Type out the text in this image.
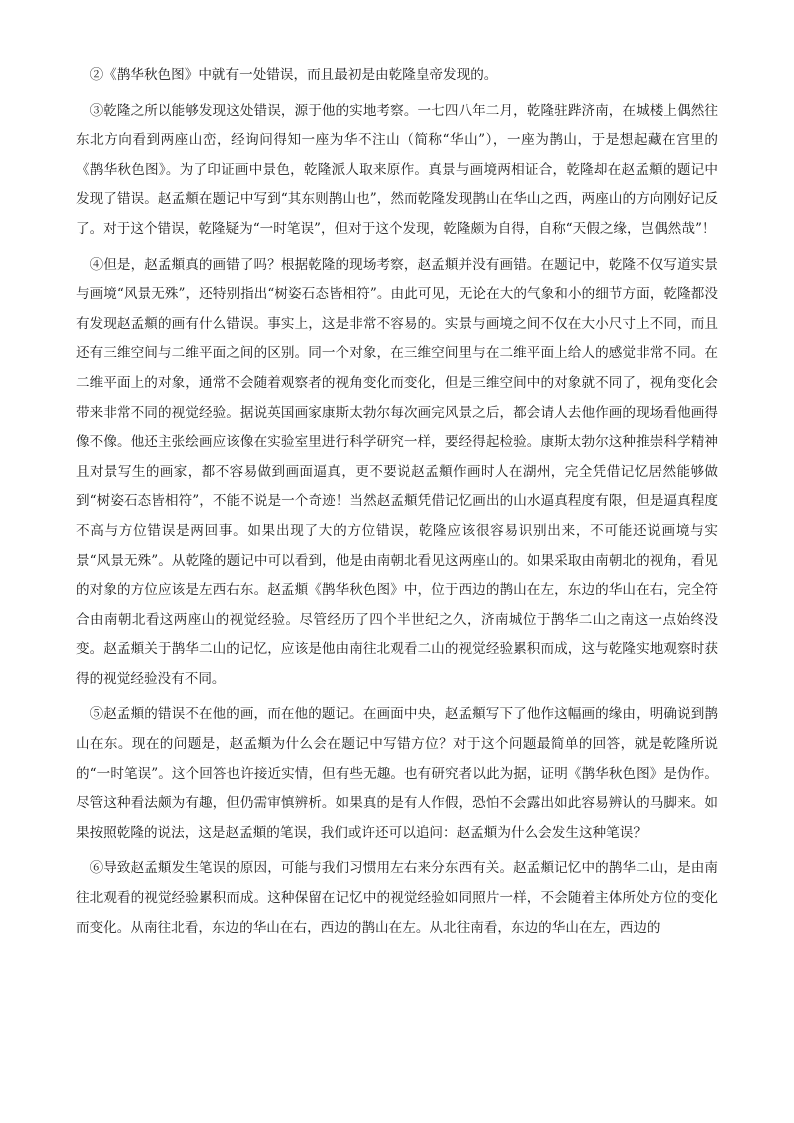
②《鹊华秋色图》中就有一处错误，而且最初是由乾隆皇帝发现的。

③乾隆之所以能够发现这处错误，源于他的实地考察。一七四八年二月，乾隆驻跸济南，在城楼上偶然往东北方向看到两座山峦，经询问得知一座为华不注山（简称“华山”），一座为鹊山，于是想起藏在宫里的《鹊华秋色图》。为了印证画中景色，乾隆派人取来原作。真景与画境两相证合，乾隆却在赵孟頫的题记中发现了错误。赵孟頫在题记中写到“其东则鹊山也”，然而乾隆发现鹊山在华山之西，两座山的方向刚好记反了。对于这个错误，乾隆疑为“一时笔误”，但对于这个发现，乾隆颇为自得，自称“天假之缘，岂偶然哉”！

④但是，赵孟頫真的画错了吗？根据乾隆的现场考察，赵孟頫并没有画错。在题记中，乾隆不仅写道实景与画境“风景无殊”，还特别指出“树姿石态皆相符”。由此可见，无论在大的气象和小的细节方面，乾隆都没有发现赵孟頫的画有什么错误。事实上，这是非常不容易的。实景与画境之间不仅在大小尺寸上不同，而且还有三维空间与二维平面之间的区别。同一个对象，在三维空间里与在二维平面上给人的感觉非常不同。在二维平面上的对象，通常不会随着观察者的视角变化而变化，但是三维空间中的对象就不同了，视角变化会带来非常不同的视觉经验。据说英国画家康斯太勃尔每次画完风景之后，都会请人去他作画的现场看他画得像不像。他还主张绘画应该像在实验室里进行科学研究一样，要经得起检验。康斯太勃尔这种推崇科学精神且对景写生的画家，都不容易做到画面逼真，更不要说赵孟頫作画时人在湖州，完全凭借记忆居然能够做到“树姿石态皆相符”，不能不说是一个奇迹！当然赵孟頫凭借记忆画出的山水逼真程度有限，但是逼真程度不高与方位错误是两回事。如果出现了大的方位错误，乾隆应该很容易识别出来，不可能还说画境与实景“风景无殊”。从乾隆的题记中可以看到，他是由南朝北看见这两座山的。如果采取由南朝北的视角，看见的对象的方位应该是左西右东。赵孟頫《鹊华秋色图》中，位于西边的鹊山在左，东边的华山在右，完全符合由南朝北看这两座山的视觉经验。尽管经历了四个半世纪之久，济南城位于鹊华二山之南这一点始终没变。赵孟頫关于鹊华二山的记忆，应该是他由南往北观看二山的视觉经验累积而成，这与乾隆实地观察时获得的视觉经验没有不同。

⑤赵孟頫的错误不在他的画，而在他的题记。在画面中央，赵孟頫写下了他作这幅画的缘由，明确说到鹊山在东。现在的问题是，赵孟頫为什么会在题记中写错方位？对于这个问题最简单的回答，就是乾隆所说的“一时笔误”。这个回答也许接近实情，但有些无趣。也有研究者以此为据，证明《鹊华秋色图》是伪作。尽管这种看法颇为有趣，但仍需审慎辨析。如果真的是有人作假，恐怕不会露出如此容易辨认的马脚来。如果按照乾隆的说法，这是赵孟頫的笔误，我们或许还可以追问：赵孟頫为什么会发生这种笔误？

⑥导致赵孟頫发生笔误的原因，可能与我们习惯用左右来分东西有关。赵孟頫记忆中的鹊华二山，是由南往北观看的视觉经验累积而成。这种保留在记忆中的视觉经验如同照片一样，不会随着主体所处方位的变化而变化。从南往北看，东边的华山在右，西边的鹊山在左。从北往南看，东边的华山在左，西边的
